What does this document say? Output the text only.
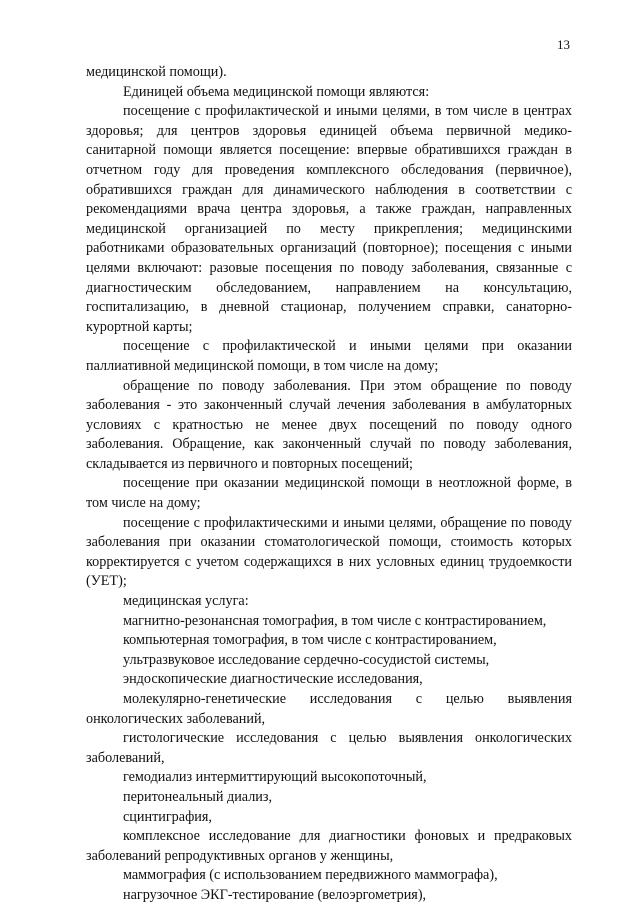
13

медицинской помощи).

Единицей объема медицинской помощи являются:

посещение с профилактической и иными целями, в том числе в центрах здоровья; для центров здоровья единицей объема первичной медико-санитарной помощи является посещение: впервые обратившихся граждан в отчетном году для проведения комплексного обследования (первичное), обратившихся граждан для динамического наблюдения в соответствии с рекомендациями врача центра здоровья, а также граждан, направленных медицинской организацией по месту прикрепления; медицинскими работниками образовательных организаций (повторное); посещения с иными целями включают: разовые посещения по поводу заболевания, связанные с диагностическим обследованием, направлением на консультацию, госпитализацию, в дневной стационар, получением справки, санаторно-курортной карты;

посещение с профилактической и иными целями при оказании паллиативной медицинской помощи, в том числе на дому;

обращение по поводу заболевания. При этом обращение по поводу заболевания - это законченный случай лечения заболевания в амбулаторных условиях с кратностью не менее двух посещений по поводу одного заболевания. Обращение, как законченный случай по поводу заболевания, складывается из первичного и повторных посещений;

посещение при оказании медицинской помощи в неотложной форме, в том числе на дому;

посещение с профилактическими и иными целями, обращение по поводу заболевания при оказании стоматологической помощи, стоимость которых корректируется с учетом содержащихся в них условных единиц трудоемкости (УЕТ);

медицинская услуга:

магнитно-резонансная томография, в том числе с контрастированием,

компьютерная томография, в том числе с контрастированием,

ультразвуковое исследование сердечно-сосудистой системы,

эндоскопические диагностические исследования,

молекулярно-генетические исследования с целью выявления онкологических заболеваний,

гистологические исследования с целью выявления онкологических заболеваний,

гемодиализ интермиттирующий высокопоточный,

перитонеальный диализ,

сцинтиграфия,

комплексное исследование для диагностики фоновых и предраковых заболеваний репродуктивных органов у женщины,

маммография (с использованием передвижного маммографа),

нагрузочное ЭКГ-тестирование (велоэргометрия),
